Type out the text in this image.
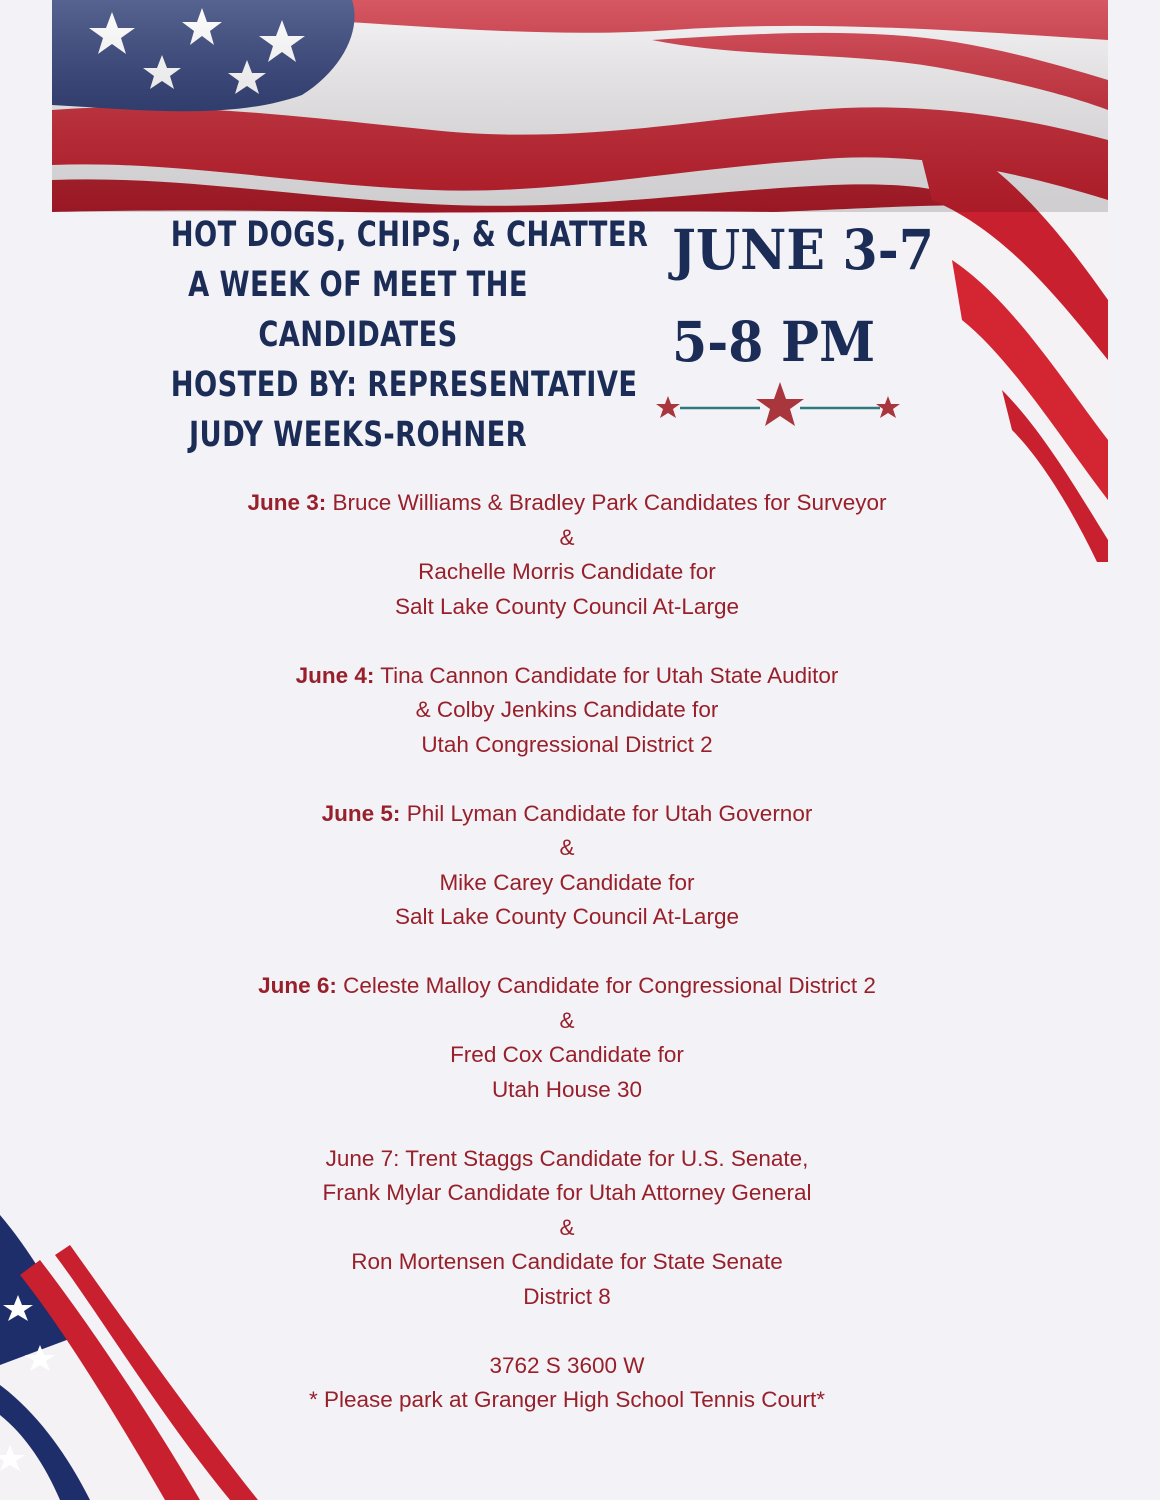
HOT DOGS, CHIPS, & CHATTER
A WEEK OF MEET THE
CANDIDATES
HOSTED BY: REPRESENTATIVE
JUDY WEEKS-ROHNER
JUNE 3-7
5-8 PM
June 3: Bruce Williams & Bradley Park Candidates for Surveyor
&
Rachelle Morris Candidate for
Salt Lake County Council At-Large
June 4: Tina Cannon Candidate for Utah State Auditor
& Colby Jenkins Candidate for
Utah Congressional District 2
June 5: Phil Lyman Candidate for Utah Governor
&
Mike Carey Candidate for
Salt Lake County Council At-Large
June 6: Celeste Malloy Candidate for Congressional District 2
&
Fred Cox Candidate for
Utah House 30
June 7: Trent Staggs Candidate for U.S. Senate,
Frank Mylar Candidate for Utah Attorney General
&
Ron Mortensen Candidate for State Senate
District 8
3762 S 3600 W
* Please park at Granger High School Tennis Court*
